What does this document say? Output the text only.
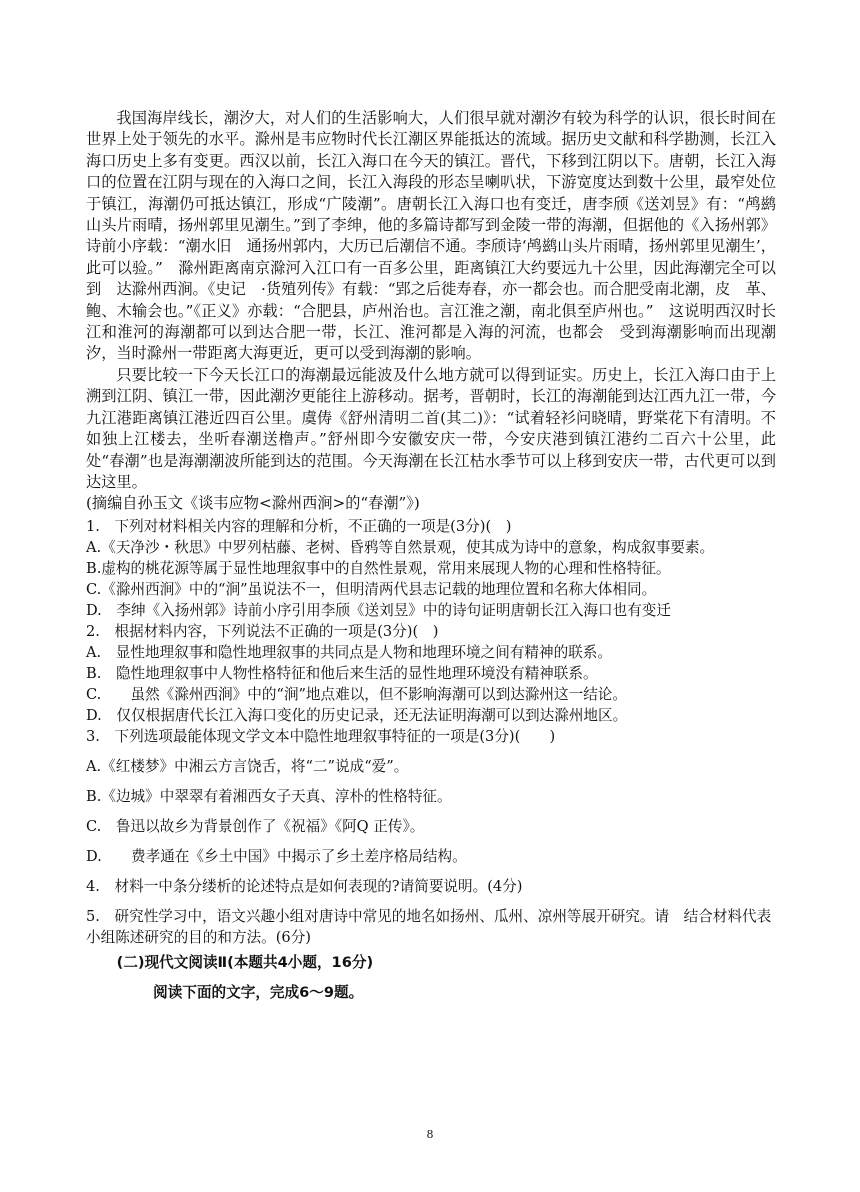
我国海岸线长，潮汐大，对人们的生活影响大，人们很早就对潮汐有较为科学的认识，很长时间在世界上处于领先的水平。滁州是韦应物时代长江潮区界能抵达的流域。据历史文献和科学勘测，长江入海口历史上多有变更。西汉以前，长江入海口在今天的镇江。晋代，下移到江阴以下。唐朝，长江入海口的位置在江阴与现在的入海口之间，长江入海段的形态呈喇叭状，下游宽度达到数十公里，最窄处位于镇江，海潮仍可抵达镇江，形成“广陵潮”。唐朝长江入海口也有变迁，唐李颀《送刘昱》有：“鸬鹚山头片雨晴，扬州郭里见潮生。”到了李绅，他的多篇诗都写到金陵一带的海潮，但据他的《入扬州郭》诗前小序载：“潮水旧　通扬州郭内，大历已后潮信不通。李颀诗‘鸬鹚山头片雨晴，扬州郭里见潮生’，此可以验。”　滁州距离南京滁河入江口有一百多公里，距离镇江大约要远九十公里，因此海潮完全可以到　达滁州西涧。《史记　·货殖列传》有载：“郢之后徙寿春，亦一都会也。而合肥受南北潮，皮　革、鲍、木输会也。”《正义》亦载：“合肥县，庐州治也。言江淮之潮，南北俱至庐州也。”　这说明西汉时长江和淮河的海潮都可以到达合肥一带，长江、淮河都是入海的河流，也都会　受到海潮影响而出现潮汐，当时滁州一带距离大海更近，更可以受到海潮的影响。

只要比较一下今天长江口的海潮最远能波及什么地方就可以得到证实。历史上，长江入海口由于上溯到江阴、镇江一带，因此潮汐更能往上游移动。据考，晋朝时，长江的海潮能到达江西九江一带，今九江港距离镇江港近四百公里。虞俦《舒州清明二首(其二)》：“试着轻衫问晓晴，野棠花下有清明。不如独上江楼去，坐听春潮送橹声。”舒州即今安徽安庆一带，今安庆港到镇江港约二百六十公里，此处“春潮”也是海潮潮波所能到达的范围。今天海潮在长江枯水季节可以上移到安庆一带，古代更可以到达这里。

(摘编自孙玉文《谈韦应物<滁州西涧>的“春潮”》)

1.　下列对材料相关内容的理解和分析，不正确的一项是(3分)(　)

A.《天净沙・秋思》中罗列枯藤、老树、昏鸦等自然景观，使其成为诗中的意象，构成叙事要素。

B.虚构的桃花源等属于显性地理叙事中的自然性景观，常用来展现人物的心理和性格特征。

C.《滁州西涧》中的“涧”虽说法不一，但明清两代县志记载的地理位置和名称大体相同。

D.　李绅《入扬州郭》诗前小序引用李颀《送刘昱》中的诗句证明唐朝长江入海口也有变迁

2.　根据材料内容，下列说法不正确的一项是(3分)(　)

A.　显性地理叙事和隐性地理叙事的共同点是人物和地理环境之间有精神的联系。

B.　隐性地理叙事中人物性格特征和他后来生活的显性地理环境没有精神联系。

C.　　虽然《滁州西涧》中的“涧”地点难以，但不影响海潮可以到达滁州这一结论。

D.　仅仅根据唐代长江入海口变化的历史记录，还无法证明海潮可以到达滁州地区。

3.　下列选项最能体现文学文本中隐性地理叙事特征的一项是(3分)(　　)

A.《红楼梦》中湘云方言饶舌，将“二”说成“爱”。

B.《边城》中翠翠有着湘西女子天真、淳朴的性格特征。

C.　鲁迅以故乡为背景创作了《祝福》《阿Q 正传》。

D.　　费孝通在《乡土中国》中揭示了乡土差序格局结构。

4.　材料一中条分缕析的论述特点是如何表现的?请简要说明。(4分)

5.　研究性学习中，语文兴趣小组对唐诗中常见的地名如扬州、瓜州、凉州等展开研究。请　结合材料代表小组陈述研究的目的和方法。(6分)

(二)现代文阅读Ⅱ(本题共4小题，16分)

阅读下面的文字，完成6～9题。

8
